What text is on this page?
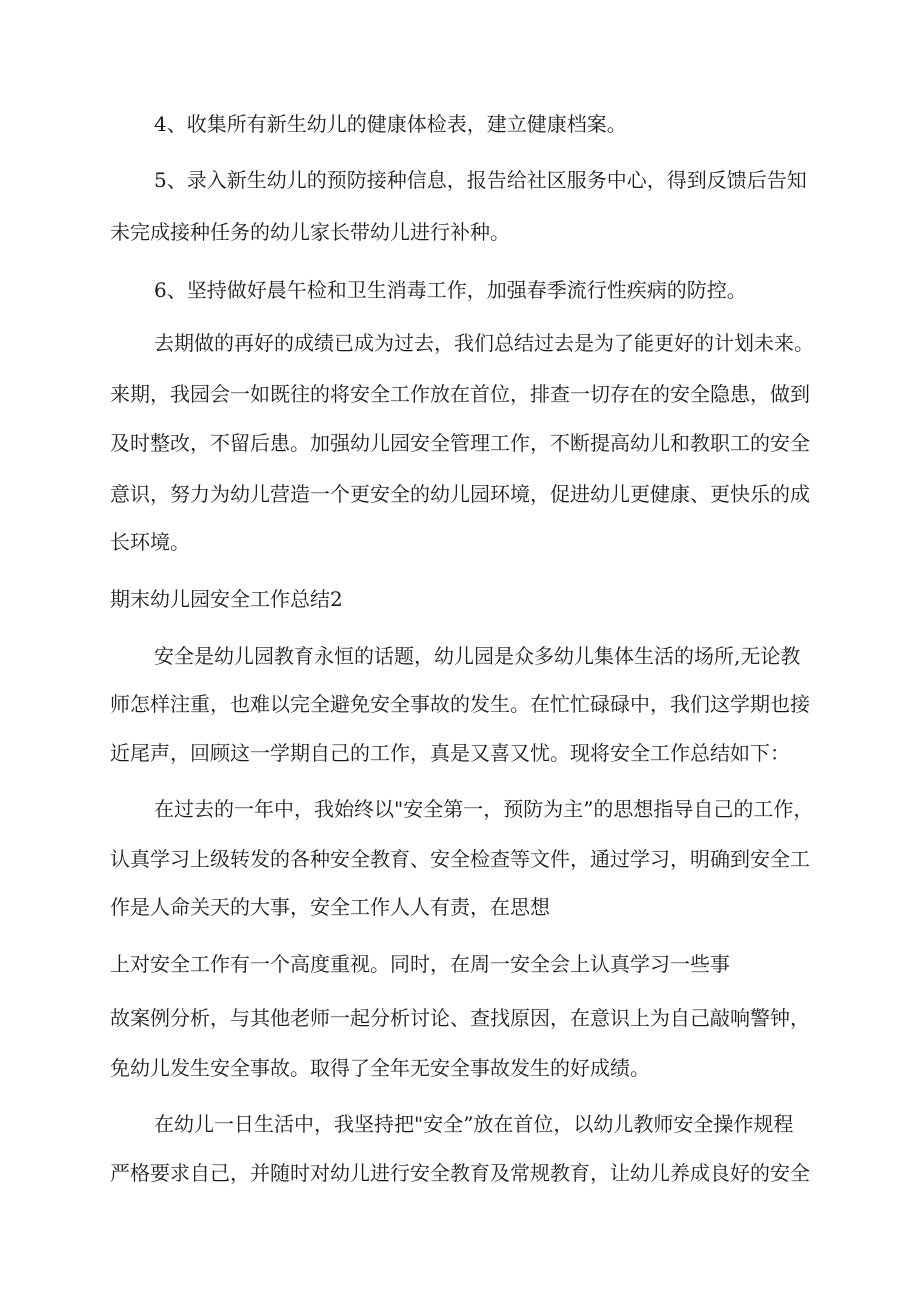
4、收集所有新生幼儿的健康体检表，建立健康档案。
5、录入新生幼儿的预防接种信息，报告给社区服务中心，得到反馈后告知
未完成接种任务的幼儿家长带幼儿进行补种。
6、坚持做好晨午检和卫生消毒工作，加强春季流行性疾病的防控。
去期做的再好的成绩已成为过去，我们总结过去是为了能更好的计划未来。
来期，我园会一如既往的将安全工作放在首位，排查一切存在的安全隐患，做到
及时整改，不留后患。加强幼儿园安全管理工作，不断提高幼儿和教职工的安全
意识，努力为幼儿营造一个更安全的幼儿园环境，促进幼儿更健康、更快乐的成
长环境。
期末幼儿园安全工作总结2
安全是幼儿园教育永恒的话题，幼儿园是众多幼儿集体生活的场所,无论教
师怎样注重，也难以完全避免安全事故的发生。在忙忙碌碌中，我们这学期也接
近尾声，回顾这一学期自己的工作，真是又喜又忧。现将安全工作总结如下：
在过去的一年中，我始终以"安全第一，预防为主”的思想指导自己的工作，
认真学习上级转发的各种安全教育、安全检查等文件，通过学习，明确到安全工
作是人命关天的大事，安全工作人人有责，在思想
上对安全工作有一个高度重视。同时，在周一安全会上认真学习一些事
故案例分析，与其他老师一起分析讨论、查找原因，在意识上为自己敲响警钟，
免幼儿发生安全事故。取得了全年无安全事故发生的好成绩。
在幼儿一日生活中，我坚持把"安全”放在首位，以幼儿教师安全操作规程
严格要求自己，并随时对幼儿进行安全教育及常规教育，让幼儿养成良好的安全
